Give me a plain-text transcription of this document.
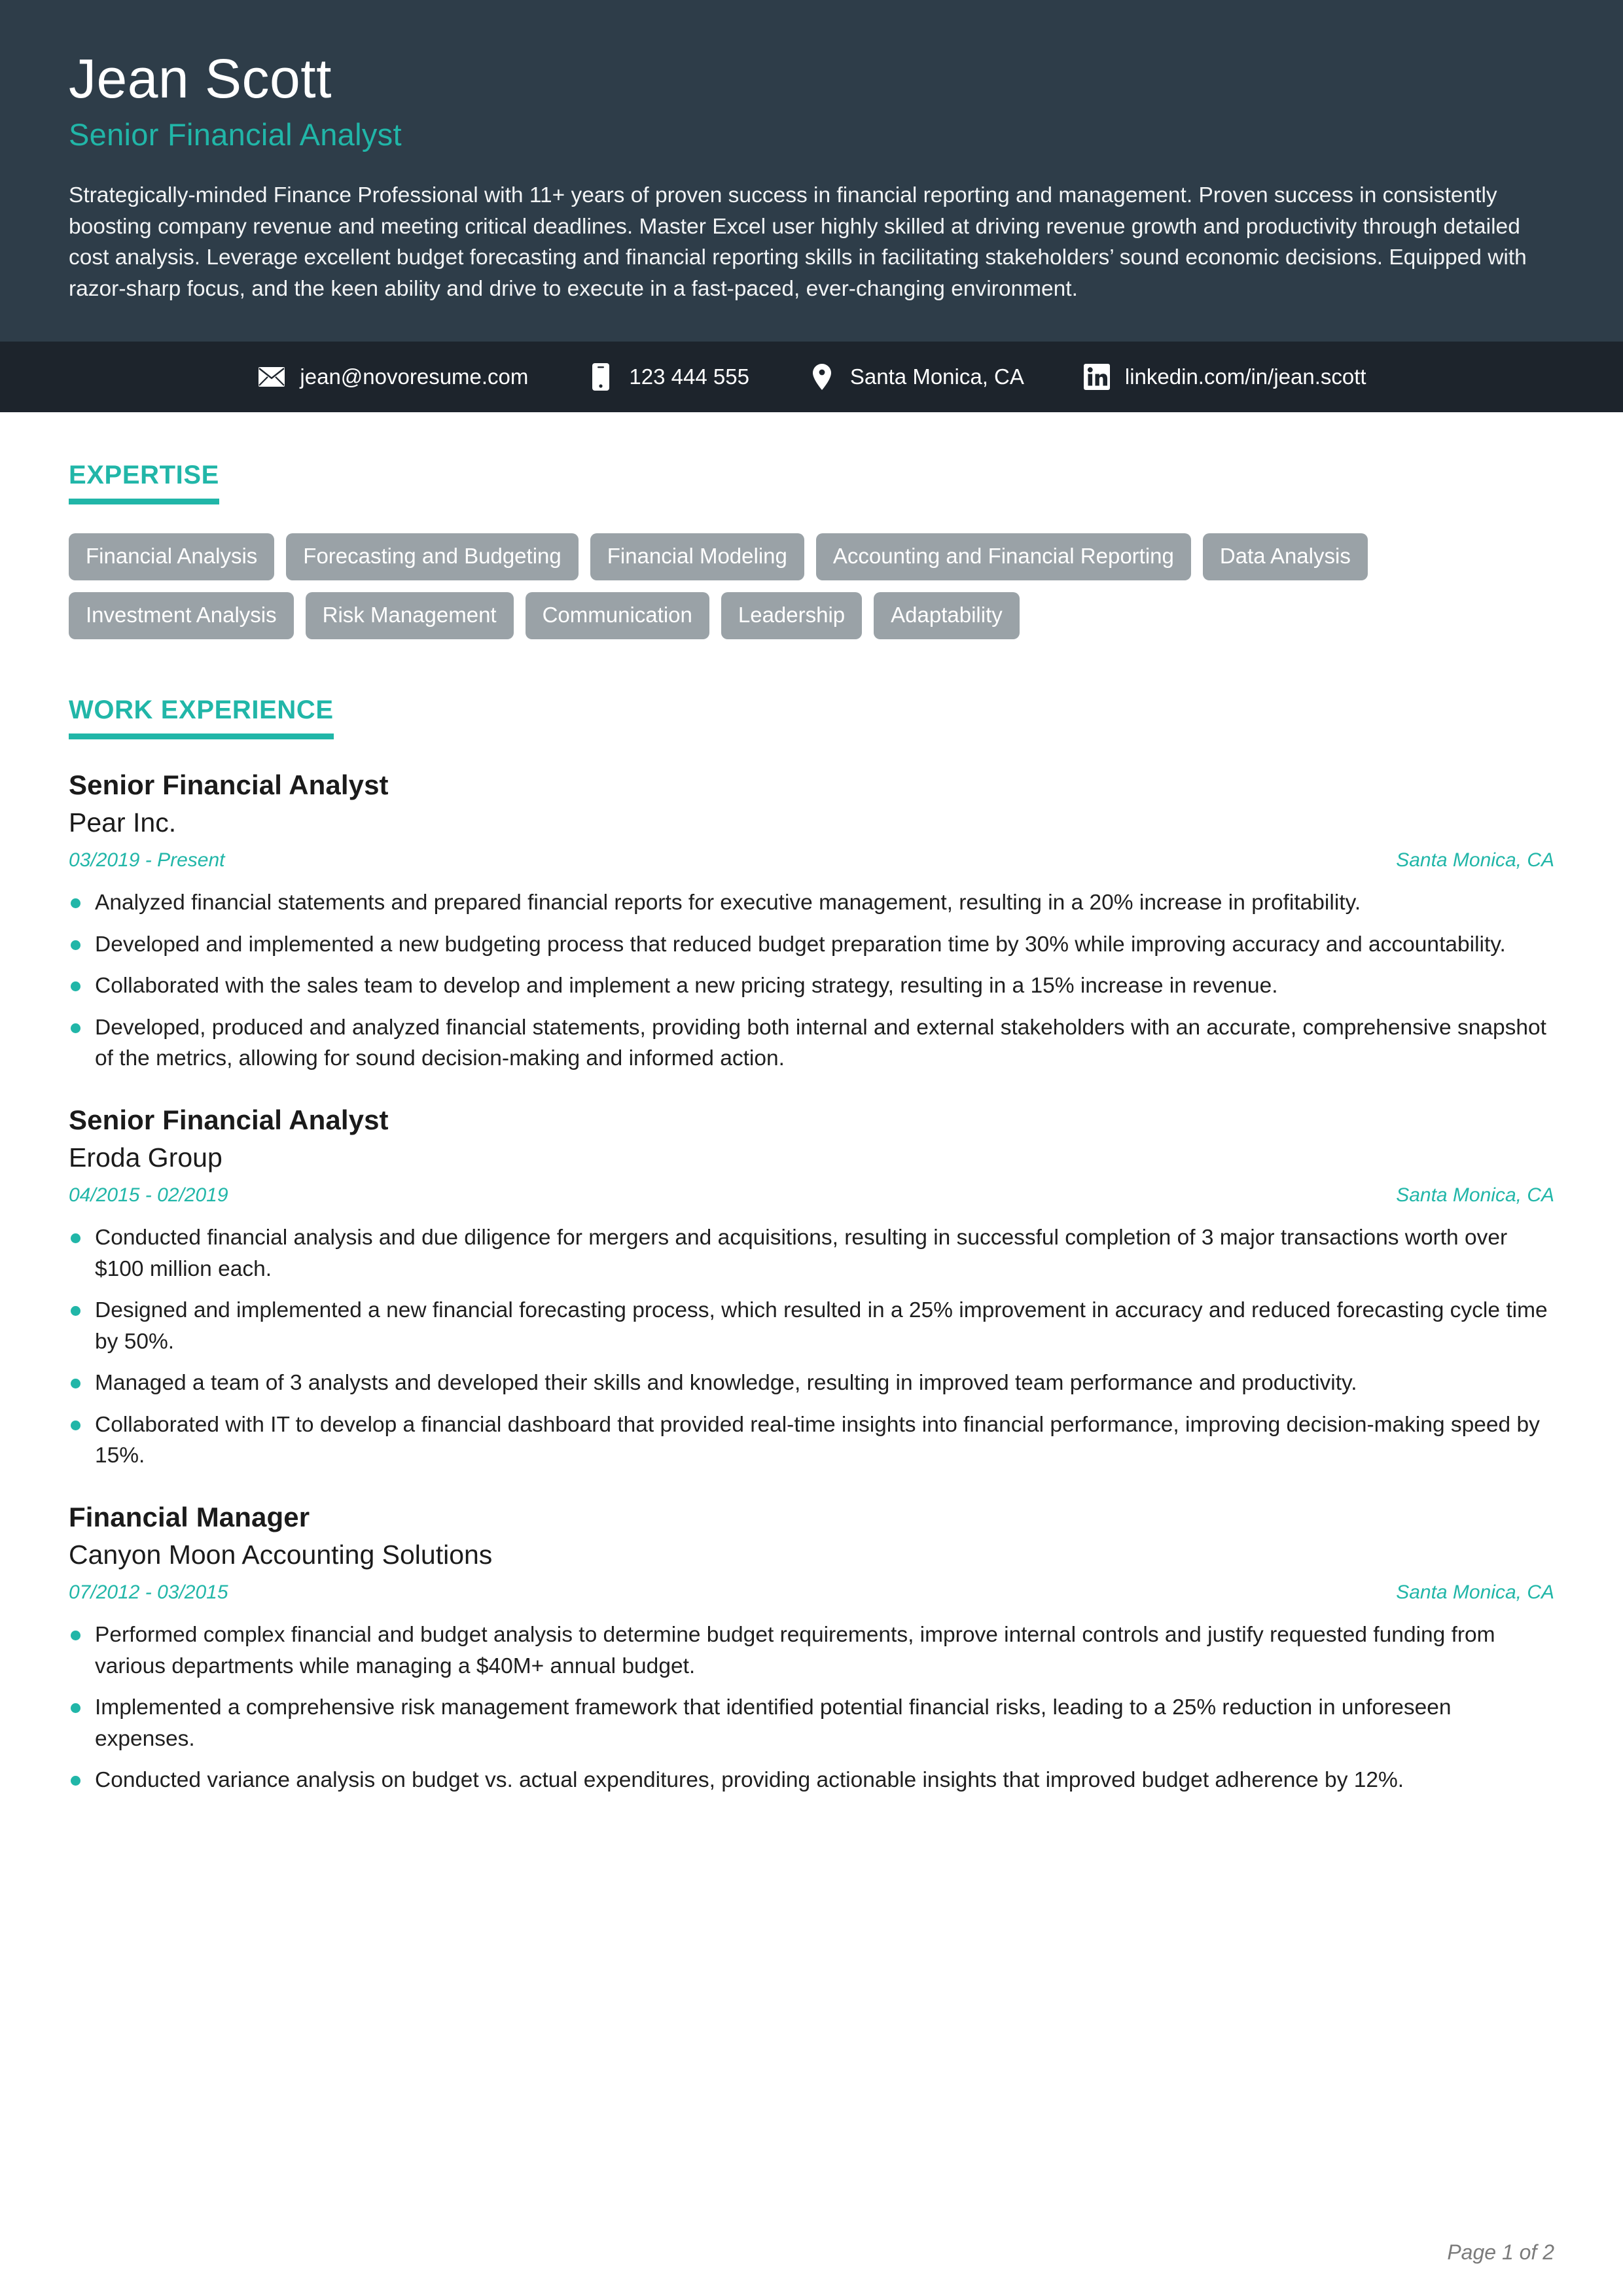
Jean Scott
Senior Financial Analyst
Strategically-minded Finance Professional with 11+ years of proven success in financial reporting and management. Proven success in consistently boosting company revenue and meeting critical deadlines. Master Excel user highly skilled at driving revenue growth and productivity through detailed cost analysis. Leverage excellent budget forecasting and financial reporting skills in facilitating stakeholders’ sound economic decisions. Equipped with razor-sharp focus, and the keen ability and drive to execute in a fast-paced, ever-changing environment.
jean@novoresume.com	123 444 555	Santa Monica, CA	linkedin.com/in/jean.scott
EXPERTISE
Financial Analysis	Forecasting and Budgeting	Financial Modeling	Accounting and Financial Reporting	Data Analysis
Investment Analysis	Risk Management	Communication	Leadership	Adaptability
WORK EXPERIENCE
Senior Financial Analyst
Pear Inc.
03/2019 - Present	Santa Monica, CA
Analyzed financial statements and prepared financial reports for executive management, resulting in a 20% increase in profitability.
Developed and implemented a new budgeting process that reduced budget preparation time by 30% while improving accuracy and accountability.
Collaborated with the sales team to develop and implement a new pricing strategy, resulting in a 15% increase in revenue.
Developed, produced and analyzed financial statements, providing both internal and external stakeholders with an accurate, comprehensive snapshot of the metrics, allowing for sound decision-making and informed action.
Senior Financial Analyst
Eroda Group
04/2015 - 02/2019	Santa Monica, CA
Conducted financial analysis and due diligence for mergers and acquisitions, resulting in successful completion of 3 major transactions worth over $100 million each.
Designed and implemented a new financial forecasting process, which resulted in a 25% improvement in accuracy and reduced forecasting cycle time by 50%.
Managed a team of 3 analysts and developed their skills and knowledge, resulting in improved team performance and productivity.
Collaborated with IT to develop a financial dashboard that provided real-time insights into financial performance, improving decision-making speed by 15%.
Financial Manager
Canyon Moon Accounting Solutions
07/2012 - 03/2015	Santa Monica, CA
Performed complex financial and budget analysis to determine budget requirements, improve internal controls and justify requested funding from various departments while managing a $40M+ annual budget.
Implemented a comprehensive risk management framework that identified potential financial risks, leading to a 25% reduction in unforeseen expenses.
Conducted variance analysis on budget vs. actual expenditures, providing actionable insights that improved budget adherence by 12%.
Page 1 of 2
